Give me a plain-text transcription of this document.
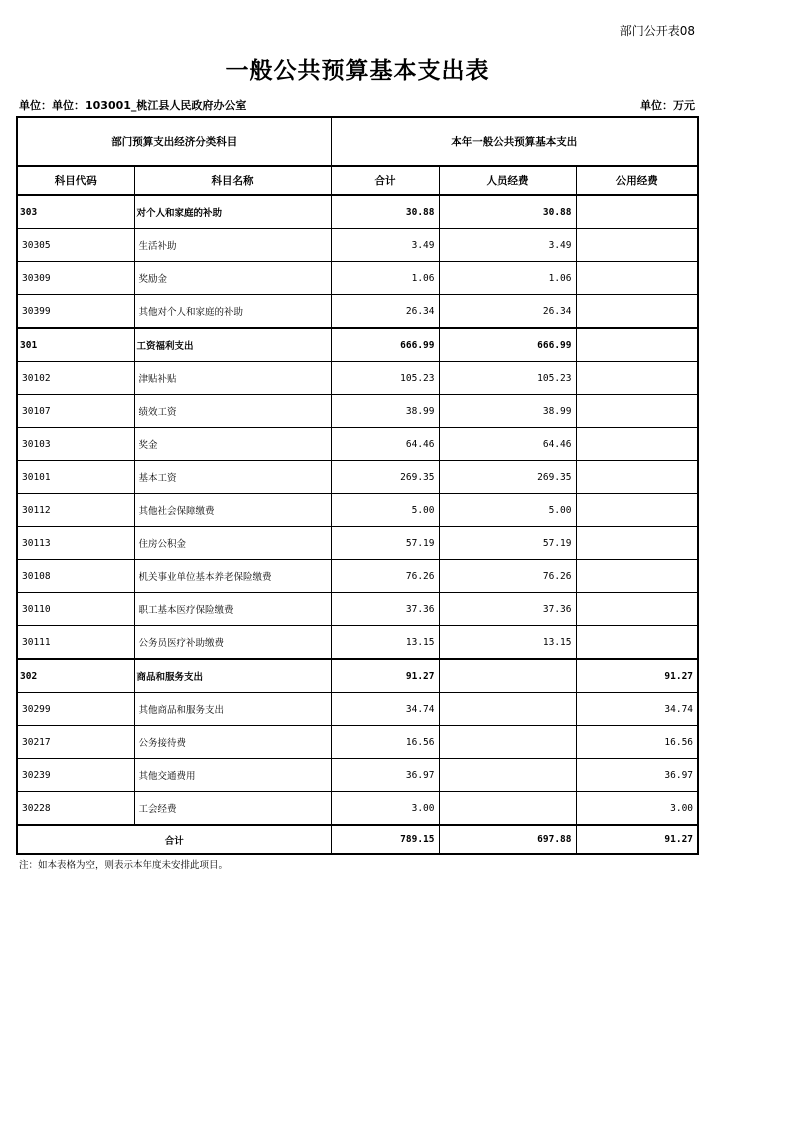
部门公开表08
一般公共预算基本支出表
单位：单位：103001_桃江县人民政府办公室	单位：万元
部门预算支出经济分类科目		本年一般公共预算基本支出		
科目代码	科目名称	合计	人员经费	公用经费
303	对个人和家庭的补助	30.88	30.88	
30305	生活补助	3.49	3.49	
30309	奖励金	1.06	1.06	
30399	其他对个人和家庭的补助	26.34	26.34	
301	工资福利支出	666.99	666.99	
30102	津贴补贴	105.23	105.23	
30107	绩效工资	38.99	38.99	
30103	奖金	64.46	64.46	
30101	基本工资	269.35	269.35	
30112	其他社会保障缴费	5.00	5.00	
30113	住房公积金	57.19	57.19	
30108	机关事业单位基本养老保险缴费	76.26	76.26	
30110	职工基本医疗保险缴费	37.36	37.36	
30111	公务员医疗补助缴费	13.15	13.15	
302	商品和服务支出	91.27		91.27
30299	其他商品和服务支出	34.74		34.74
30217	公务接待费	16.56		16.56
30239	其他交通费用	36.97		36.97
30228	工会经费	3.00		3.00
合计		789.15	697.88	91.27
注：如本表格为空，则表示本年度未安排此项目。
